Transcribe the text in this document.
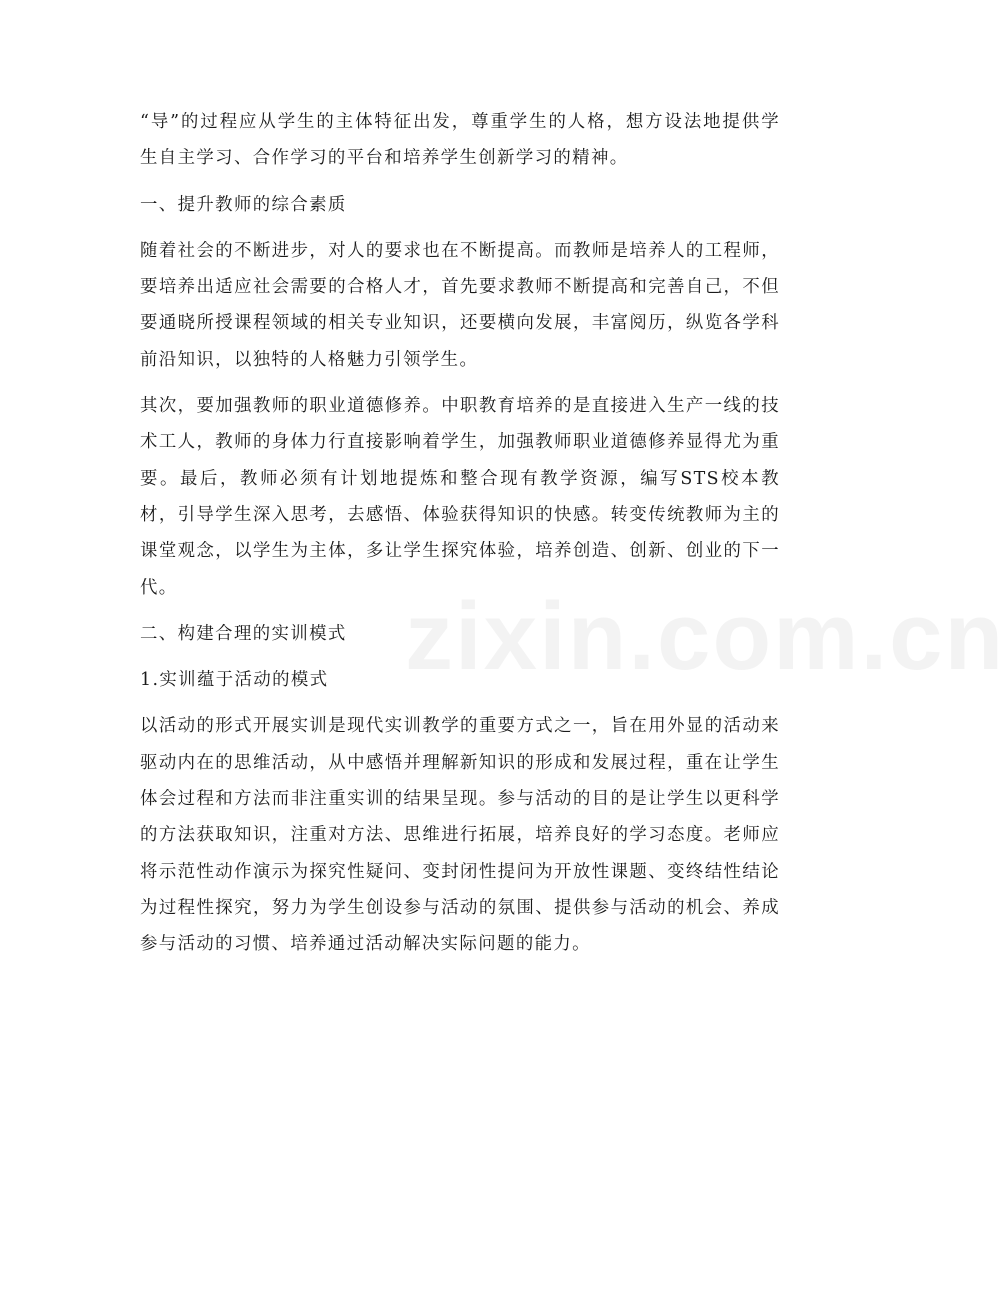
“导”的过程应从学生的主体特征出发，尊重学生的人格，想方设法地提供学生自主学习、合作学习的平台和培养学生创新学习的精神。

一、提升教师的综合素质

随着社会的不断进步，对人的要求也在不断提高。而教师是培养人的工程师，要培养出适应社会需要的合格人才，首先要求教师不断提高和完善自己，不但要通晓所授课程领域的相关专业知识，还要横向发展，丰富阅历，纵览各学科前沿知识，以独特的人格魅力引领学生。

其次，要加强教师的职业道德修养。中职教育培养的是直接进入生产一线的技术工人，教师的身体力行直接影响着学生，加强教师职业道德修养显得尤为重要。最后，教师必须有计划地提炼和整合现有教学资源，编写STS校本教材，引导学生深入思考，去感悟、体验获得知识的快感。转变传统教师为主的课堂观念，以学生为主体，多让学生探究体验，培养创造、创新、创业的下一代。

二、构建合理的实训模式

1.实训蕴于活动的模式

以活动的形式开展实训是现代实训教学的重要方式之一，旨在用外显的活动来驱动内在的思维活动，从中感悟并理解新知识的形成和发展过程，重在让学生体会过程和方法而非注重实训的结果呈现。参与活动的目的是让学生以更科学的方法获取知识，注重对方法、思维进行拓展，培养良好的学习态度。老师应将示范性动作演示为探究性疑问、变封闭性提问为开放性课题、变终结性结论为过程性探究，努力为学生创设参与活动的氛围、提供参与活动的机会、养成参与活动的习惯、培养通过活动解决实际问题的能力。

zixin.com.cn
